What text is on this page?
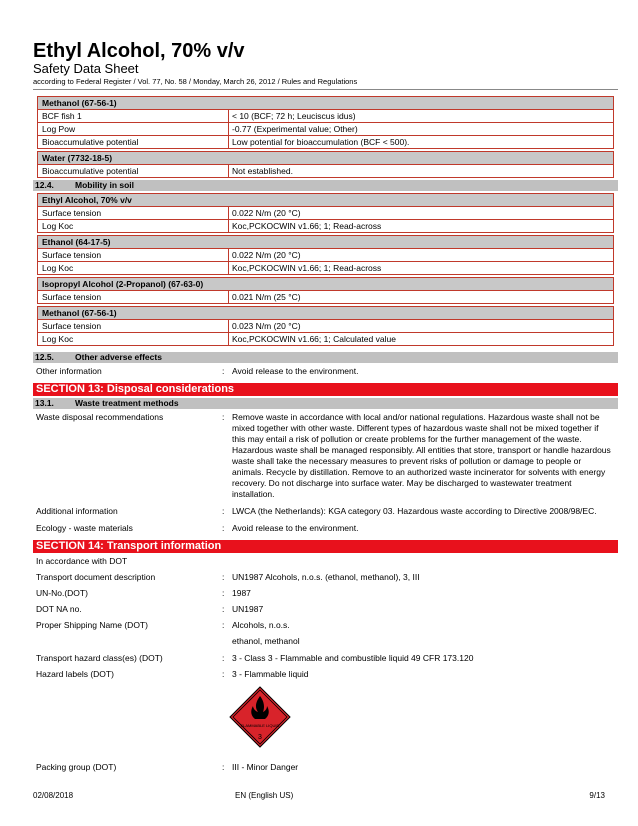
Ethyl Alcohol, 70% v/v
Safety Data Sheet
according to Federal Register / Vol. 77, No. 58 / Monday, March 26, 2012 / Rules and Regulations
Methanol (67-56-1)
BCF fish 1	< 10 (BCF; 72 h; Leuciscus idus)
Log Pow	-0.77 (Experimental value; Other)
Bioaccumulative potential	Low potential for bioaccumulation (BCF < 500).
Water (7732-18-5)
Bioaccumulative potential	Not established.
12.4.	Mobility in soil
Ethyl Alcohol, 70% v/v
Surface tension	0.022 N/m (20 °C)
Log Koc	Koc,PCKOCWIN v1.66; 1; Read-across
Ethanol (64-17-5)
Surface tension	0.022 N/m (20 °C)
Log Koc	Koc,PCKOCWIN v1.66; 1; Read-across
Isopropyl Alcohol (2-Propanol) (67-63-0)
Surface tension	0.021 N/m (25 °C)
Methanol (67-56-1)
Surface tension	0.023 N/m (20 °C)
Log Koc	Koc,PCKOCWIN v1.66; 1; Calculated value
12.5.	Other adverse effects
Other information	: Avoid release to the environment.
SECTION 13: Disposal considerations
13.1.	Waste treatment methods
Waste disposal recommendations	: Remove waste in accordance with local and/or national regulations. Hazardous waste shall not be mixed together with other waste. Different types of hazardous waste shall not be mixed together if this may entail a risk of pollution or create problems for the further management of the waste. Hazardous waste shall be managed responsibly. All entities that store, transport or handle hazardous waste shall take the necessary measures to prevent risks of pollution or damage to people or animals. Recycle by distillation. Remove to an authorized waste incinerator for solvents with energy recovery. Do not discharge into surface water. May be discharged to wastewater treatment installation.
Additional information	: LWCA (the Netherlands): KGA category 03. Hazardous waste according to Directive 2008/98/EC.
Ecology - waste materials	: Avoid release to the environment.
SECTION 14: Transport information
In accordance with DOT
Transport document description	: UN1987 Alcohols, n.o.s. (ethanol, methanol), 3, III
UN-No.(DOT)	: 1987
DOT NA no.	: UN1987
Proper Shipping Name (DOT)	: Alcohols, n.o.s.
ethanol, methanol
Transport hazard class(es) (DOT)	: 3 - Class 3 - Flammable and combustible liquid 49 CFR 173.120
Hazard labels (DOT)	: 3 - Flammable liquid
FLAMMABLE LIQUID
3
Packing group (DOT)	: III - Minor Danger
02/08/2018	EN (English US)	9/13
